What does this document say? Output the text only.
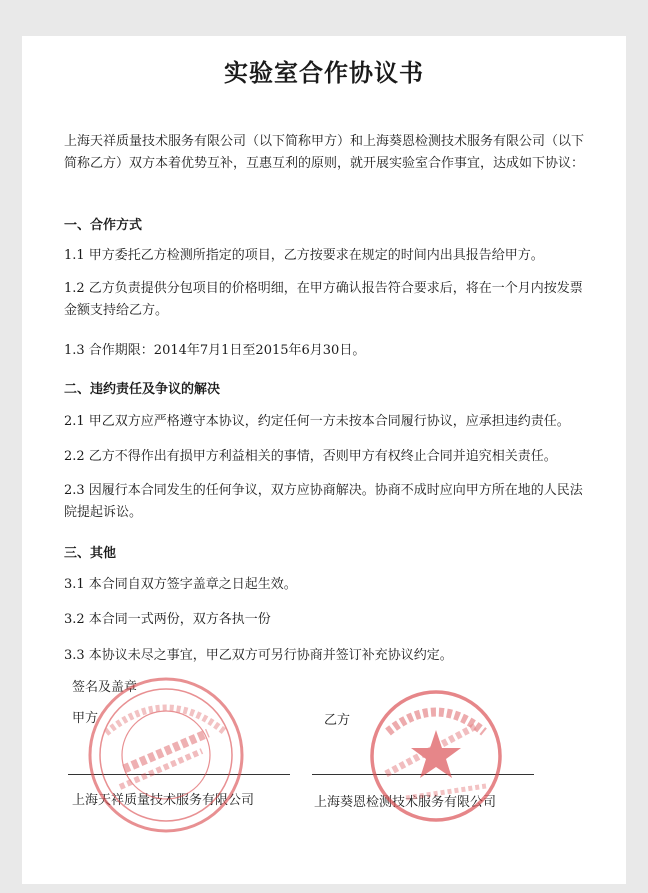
实验室合作协议书
上海天祥质量技术服务有限公司（以下简称甲方）和上海葵恩检测技术服务有限公司（以下简称乙方）双方本着优势互补，互惠互利的原则，就开展实验室合作事宜，达成如下协议：
一、合作方式
1.1 甲方委托乙方检测所指定的项目，乙方按要求在规定的时间内出具报告给甲方。
1.2 乙方负责提供分包项目的价格明细，在甲方确认报告符合要求后，将在一个月内按发票金额支持给乙方。
1.3 合作期限：2014年7月1日至2015年6月30日。
二、违约责任及争议的解决
2.1 甲乙双方应严格遵守本协议，约定任何一方未按本合同履行协议，应承担违约责任。
2.2 乙方不得作出有损甲方利益相关的事情，否则甲方有权终止合同并追究相关责任。
2.3 因履行本合同发生的任何争议，双方应协商解决。协商不成时应向甲方所在地的人民法院提起诉讼。
三、其他
3.1 本合同自双方签字盖章之日起生效。
3.2 本合同一式两份，双方各执一份
3.3 本协议未尽之事宜，甲乙双方可另行协商并签订补充协议约定。
签名及盖章
甲方	乙方
上海天祥质量技术服务有限公司	上海葵恩检测技术服务有限公司
